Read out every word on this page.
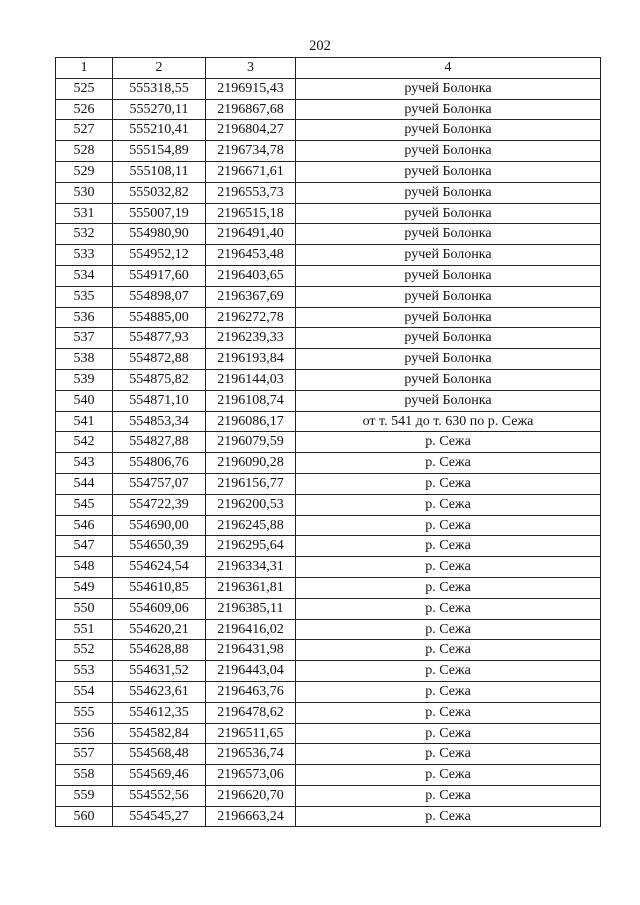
202
1	2	3	4
525	555318,55	2196915,43	ручей Болонка
526	555270,11	2196867,68	ручей Болонка
527	555210,41	2196804,27	ручей Болонка
528	555154,89	2196734,78	ручей Болонка
529	555108,11	2196671,61	ручей Болонка
530	555032,82	2196553,73	ручей Болонка
531	555007,19	2196515,18	ручей Болонка
532	554980,90	2196491,40	ручей Болонка
533	554952,12	2196453,48	ручей Болонка
534	554917,60	2196403,65	ручей Болонка
535	554898,07	2196367,69	ручей Болонка
536	554885,00	2196272,78	ручей Болонка
537	554877,93	2196239,33	ручей Болонка
538	554872,88	2196193,84	ручей Болонка
539	554875,82	2196144,03	ручей Болонка
540	554871,10	2196108,74	ручей Болонка
541	554853,34	2196086,17	от т. 541 до т. 630 по р. Сежа
542	554827,88	2196079,59	р. Сежа
543	554806,76	2196090,28	р. Сежа
544	554757,07	2196156,77	р. Сежа
545	554722,39	2196200,53	р. Сежа
546	554690,00	2196245,88	р. Сежа
547	554650,39	2196295,64	р. Сежа
548	554624,54	2196334,31	р. Сежа
549	554610,85	2196361,81	р. Сежа
550	554609,06	2196385,11	р. Сежа
551	554620,21	2196416,02	р. Сежа
552	554628,88	2196431,98	р. Сежа
553	554631,52	2196443,04	р. Сежа
554	554623,61	2196463,76	р. Сежа
555	554612,35	2196478,62	р. Сежа
556	554582,84	2196511,65	р. Сежа
557	554568,48	2196536,74	р. Сежа
558	554569,46	2196573,06	р. Сежа
559	554552,56	2196620,70	р. Сежа
560	554545,27	2196663,24	р. Сежа
